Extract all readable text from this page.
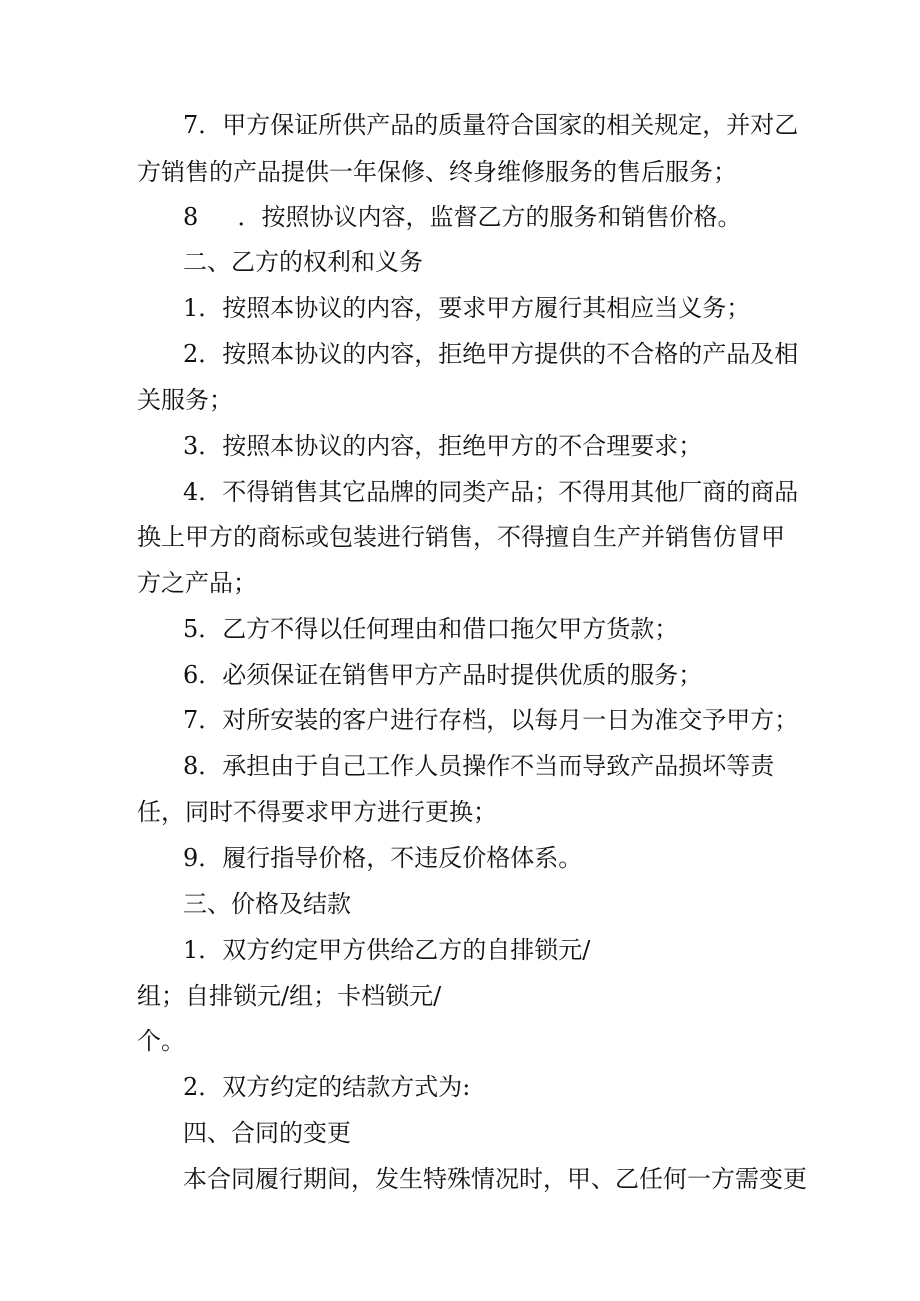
7．甲方保证所供产品的质量符合国家的相关规定，并对乙
方销售的产品提供一年保修、终身维修服务的售后服务；
8 　 ．按照协议内容，监督乙方的服务和销售价格。
二、乙方的权利和义务
1．按照本协议的内容，要求甲方履行其相应当义务；
2．按照本协议的内容，拒绝甲方提供的不合格的产品及相
关服务；
3．按照本协议的内容，拒绝甲方的不合理要求；
4．不得销售其它品牌的同类产品；不得用其他厂商的商品
换上甲方的商标或包装进行销售，不得擅自生产并销售仿冒甲
方之产品；
5．乙方不得以任何理由和借口拖欠甲方货款；
6．必须保证在销售甲方产品时提供优质的服务；
7．对所安装的客户进行存档，以每月一日为准交予甲方；
8．承担由于自己工作人员操作不当而导致产品损坏等责
任，同时不得要求甲方进行更换；
9．履行指导价格，不违反价格体系。
三、价格及结款
1．双方约定甲方供给乙方的自排锁元/
组；自排锁元/组；卡档锁元/
个。
2．双方约定的结款方式为:
四、合同的变更
本合同履行期间，发生特殊情况时，甲、乙任何一方需变更
